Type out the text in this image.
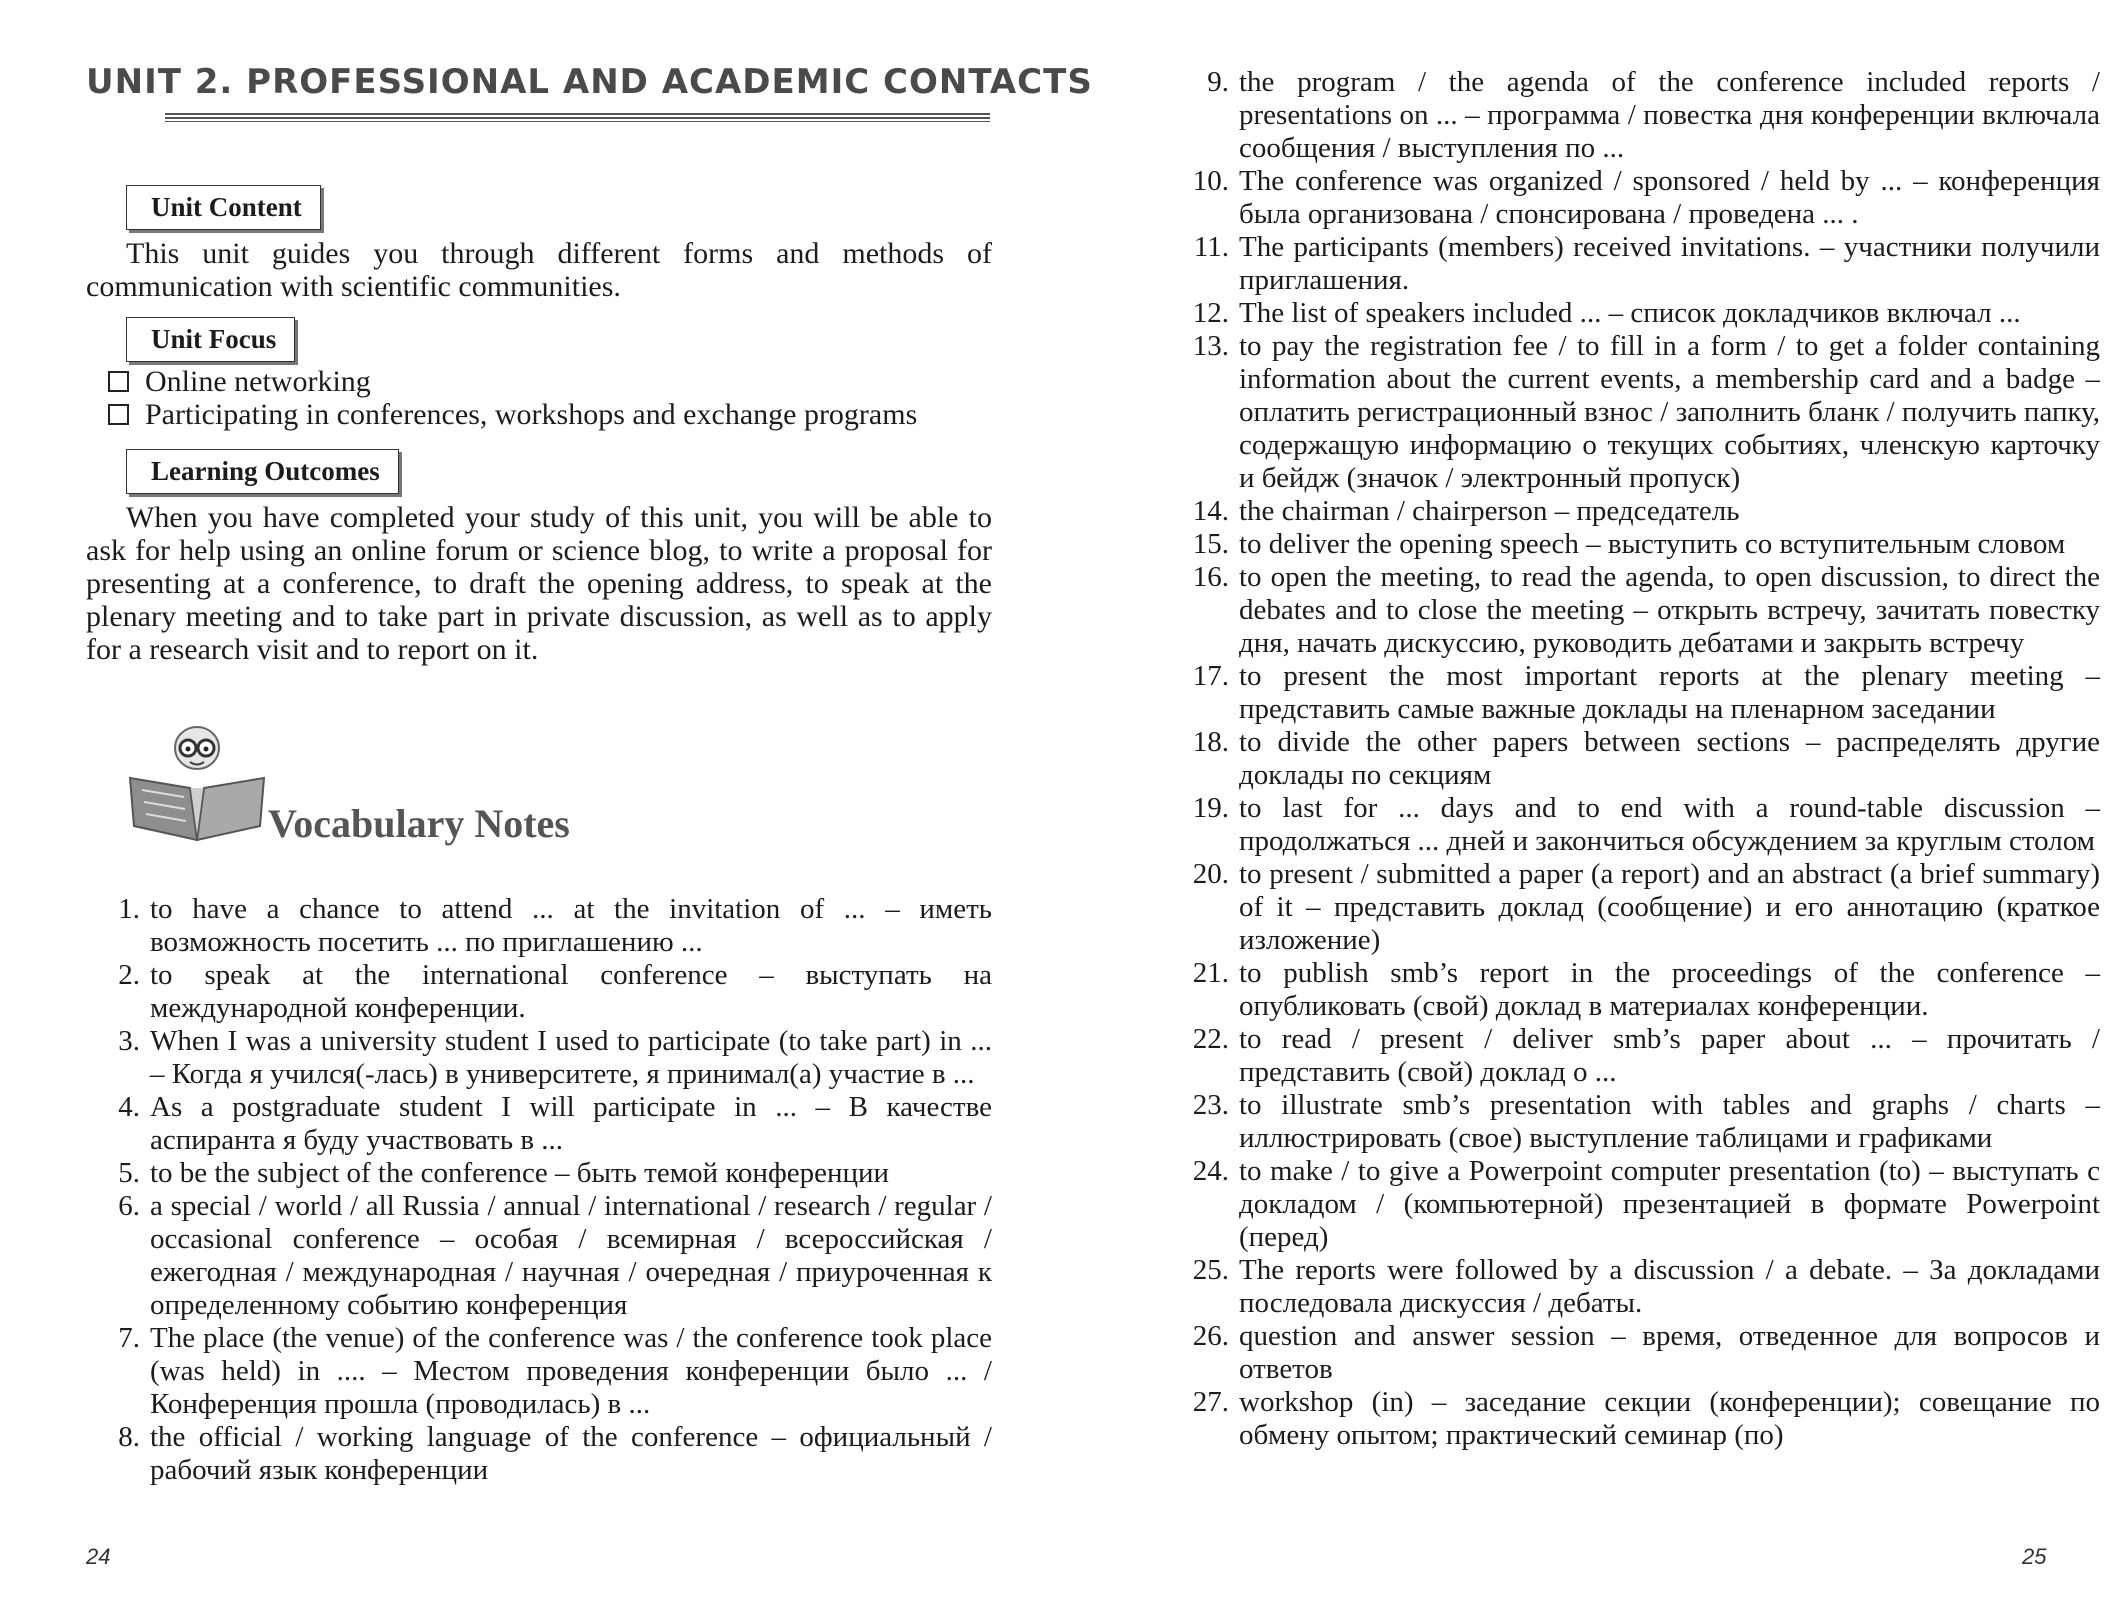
UNIT 2. PROFESSIONAL AND ACADEMIC CONTACTS
Unit Content

This unit guides you through different forms and methods of communication with scientific communities.

Unit Focus
Online networking
Participating in conferences, workshops and exchange programs
Learning Outcomes

When you have completed your study of this unit, you will be able to ask for help using an online forum or science blog, to write a proposal for presenting at a conference, to draft the opening address, to speak at the plenary meeting and to take part in private discussion, as well as to apply for a research visit and to report on it.

Vocabulary Notes
1. to have a chance to attend ... at the invitation of ... – иметь возможность посетить ... по приглашению ...
2. to speak at the international conference – выступать на международной конференции.
3. When I was a university student I used to participate (to take part) in ... – Когда я учился(-лась) в университете, я принимал(а) участие в ...
4. As a postgraduate student I will participate in ... – В качестве аспиранта я буду участвовать в ...
5. to be the subject of the conference – быть темой конференции
6. a special / world / all Russia / annual / international / research / regular / occasional conference – особая / всемирная / всероссийская / ежегодная / международная / научная / очередная / приуроченная к определенному событию конференция
7. The place (the venue) of the conference was / the conference took place (was held) in .... – Местом проведения конференции было ... / Конференция прошла (проводилась) в ...
8. the official / working language of the conference – официальный / рабочий язык конференции
24
9. the program / the agenda of the conference included reports / presentations on ... – программа / повестка дня конференции включала сообщения / выступления по ...
10. The conference was organized / sponsored / held by ... – конференция была организована / спонсирована / проведена ... .
11. The participants (members) received invitations. – участники получили приглашения.
12. The list of speakers included ... – список докладчиков включал ...
13. to pay the registration fee / to fill in a form / to get a folder containing information about the current events, a membership card and a badge – оплатить регистрационный взнос / заполнить бланк / получить папку, содержащую информацию о текущих событиях, членскую карточку и бейдж (значок / электронный пропуск)
14. the chairman / chairperson – председатель
15. to deliver the opening speech – выступить со вступительным словом
16. to open the meeting, to read the agenda, to open discussion, to direct the debates and to close the meeting – открыть встречу, зачитать повестку дня, начать дискуссию, руководить дебатами и закрыть встречу
17. to present the most important reports at the plenary meeting – представить самые важные доклады на пленарном заседании
18. to divide the other papers between sections – распределять другие доклады по секциям
19. to last for ... days and to end with a round-table discussion – продолжаться ... дней и закончиться обсуждением за круглым столом
20. to present / submitted a paper (a report) and an abstract (a brief summary) of it – представить доклад (сообщение) и его аннотацию (краткое изложение)
21. to publish smb’s report in the proceedings of the conference – опубликовать (свой) доклад в материалах конференции.
22. to read / present / deliver smb’s paper about ... – прочитать / представить (свой) доклад о ...
23. to illustrate smb’s presentation with tables and graphs / charts – иллюстрировать (свое) выступление таблицами и графиками
24. to make / to give a Powerpoint computer presentation (to) – выступать с докладом / (компьютерной) презентацией в формате Powerpoint (перед)
25. The reports were followed by a discussion / a debate. – За докладами последовала дискуссия / дебаты.
26. question and answer session – время, отведенное для вопросов и ответов
27. workshop (in) – заседание секции (конференции); совещание по обмену опытом; практический семинар (по)
25
